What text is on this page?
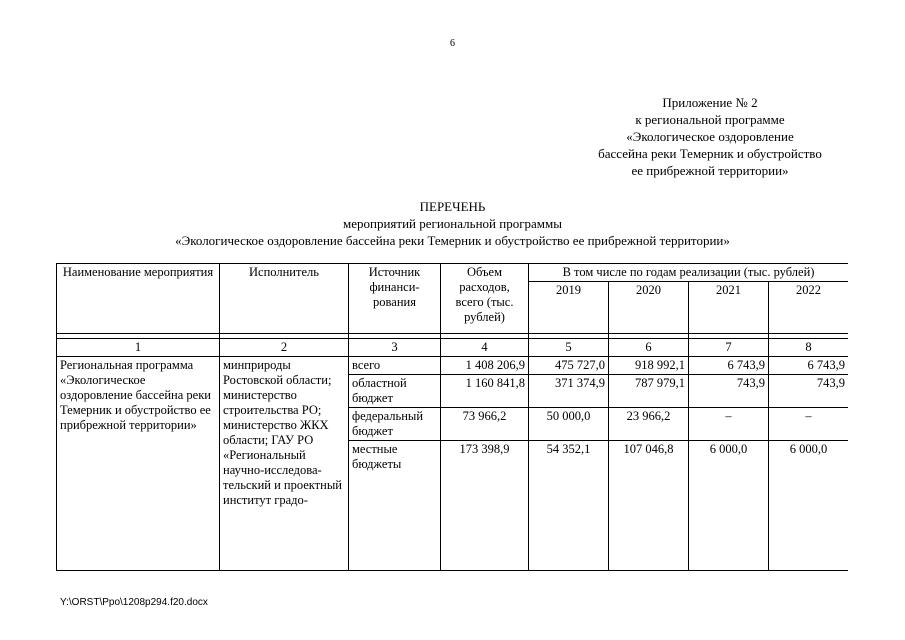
6
Приложение № 2
к региональной программе
«Экологическое оздоровление
бассейна реки Темерник и обустройство
ее прибрежной территории»
ПЕРЕЧЕНЬ
мероприятий региональной программы
«Экологическое оздоровление бассейна реки Темерник и обустройство ее прибрежной территории»
Наименование мероприятия	Исполнитель	Источник финанси-рования	Объем расходов, всего (тыс. рублей)	В том числе по годам реализации (тыс. рублей)			
				2019	2020	2021	2022

1	2	3	4	5	6	7	8
Региональная программа «Экологическое оздоровление бассейна реки Темерник и обустройство ее прибрежной территории»	минприроды Ростовской области; министерство строительства РО; министерство ЖКХ области; ГАУ РО «Региональный научно-исследова-тельский и проектный институт градо-	всего	1 408 206,9	475 727,0	918 992,1	6 743,9	6 743,9
		областной бюджет	1 160 841,8	371 374,9	787 979,1	743,9	743,9
		федеральный бюджет	73 966,2	50 000,0	23 966,2	–	–
		местные бюджеты	173 398,9	54 352,1	107 046,8	6 000,0	6 000,0
Y:\ORST\Ppo\1208p294.f20.docx
